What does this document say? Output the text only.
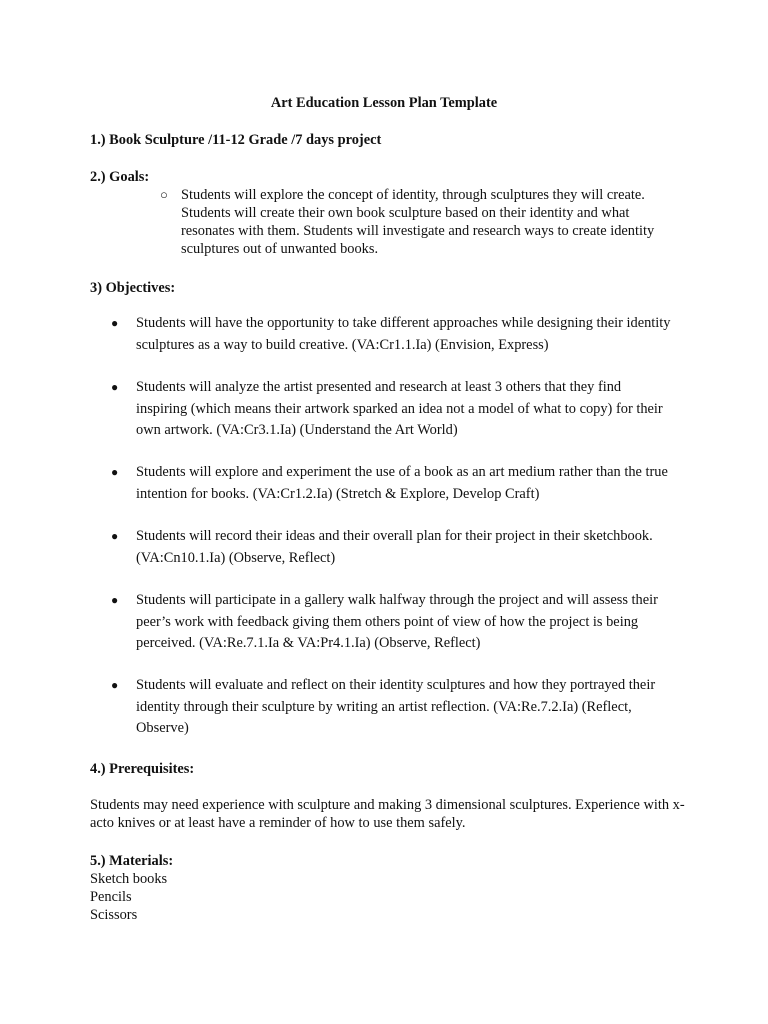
Art Education Lesson Plan Template
1.) Book Sculpture /11-12 Grade /7 days project
2.) Goals:
○ Students will explore the concept of identity, through sculptures they will create. Students will create their own book sculpture based on their identity and what resonates with them. Students will investigate and research ways to create identity sculptures out of unwanted books.
3) Objectives:
● Students will have the opportunity to take different approaches while designing their identity sculptures as a way to build creative. (VA:Cr1.1.Ia) (Envision, Express)
● Students will analyze the artist presented and research at least 3 others that they find inspiring (which means their artwork sparked an idea not a model of what to copy) for their own artwork. (VA:Cr3.1.Ia) (Understand the Art World)
● Students will explore and experiment the use of a book as an art medium rather than the true intention for books. (VA:Cr1.2.Ia) (Stretch & Explore, Develop Craft)
● Students will record their ideas and their overall plan for their project in their sketchbook. (VA:Cn10.1.Ia) (Observe, Reflect)
● Students will participate in a gallery walk halfway through the project and will assess their peer’s work with feedback giving them others point of view of how the project is being perceived. (VA:Re.7.1.Ia & VA:Pr4.1.Ia) (Observe, Reflect)
● Students will evaluate and reflect on their identity sculptures and how they portrayed their identity through their sculpture by writing an artist reflection. (VA:Re.7.2.Ia) (Reflect, Observe)
4.) Prerequisites:
Students may need experience with sculpture and making 3 dimensional sculptures. Experience with x-acto knives or at least have a reminder of how to use them safely.
5.) Materials:
Sketch books
Pencils
Scissors
